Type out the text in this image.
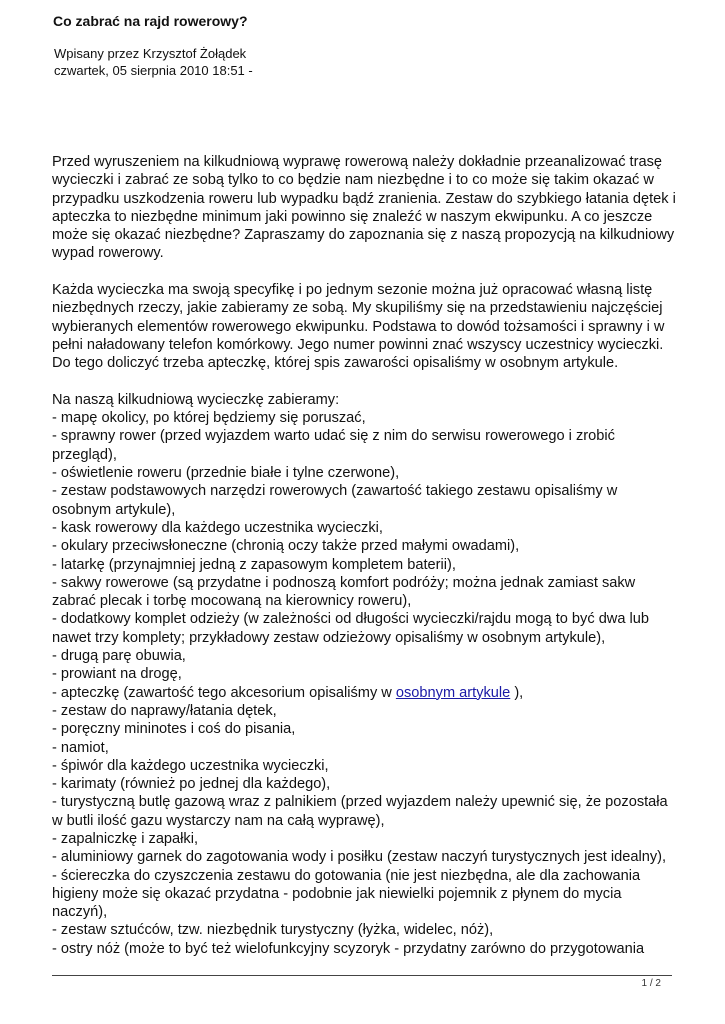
Co zabrać na rajd rowerowy?
Wpisany przez Krzysztof Żołądek
czwartek, 05 sierpnia 2010 18:51 -

Przed wyruszeniem na kilkudniową wyprawę rowerową należy dokładnie przeanalizować trasę wycieczki i zabrać ze sobą tylko to co będzie nam niezbędne i to co może się takim okazać w przypadku uszkodzenia roweru lub wypadku bądź zranienia. Zestaw do szybkiego łatania dętek i apteczka to niezbędne minimum jaki powinno się znaleźć w naszym ekwipunku. A co jeszcze może się okazać niezbędne? Zapraszamy do zapoznania się z naszą propozycją na kilkudniowy wypad rowerowy.

Każda wycieczka ma swoją specyfikę i po jednym sezonie można już opracować własną listę niezbędnych rzeczy, jakie zabieramy ze sobą. My skupiliśmy się na przedstawieniu najczęściej wybieranych elementów rowerowego ekwipunku. Podstawa to dowód tożsamości i sprawny i w pełni naładowany telefon komórkowy. Jego numer powinni znać wszyscy uczestnicy wycieczki. Do tego doliczyć trzeba apteczkę, której spis zawarości opisaliśmy w osobnym artykule.

Na naszą kilkudniową wycieczkę zabieramy:

- mapę okolicy, po której będziemy się poruszać,

- sprawny rower (przed wyjazdem warto udać się z nim do serwisu rowerowego i zrobić przegląd),

- oświetlenie roweru (przednie białe i tylne czerwone),

- zestaw podstawowych narzędzi rowerowych (zawartość takiego zestawu opisaliśmy w osobnym artykule),

- kask rowerowy dla każdego uczestnika wycieczki,

- okulary przeciwsłoneczne (chronią oczy także przed małymi owadami),

- latarkę (przynajmniej jedną z zapasowym kompletem baterii),

- sakwy rowerowe (są przydatne i podnoszą komfort podróży; można jednak zamiast sakw zabrać plecak i torbę mocowaną na kierownicy roweru),

- dodatkowy komplet odzieży (w zależności od długości wycieczki/rajdu mogą to być dwa lub nawet trzy komplety; przykładowy zestaw odzieżowy opisaliśmy w osobnym artykule),

- drugą parę obuwia,

- prowiant na drogę,

- apteczkę (zawartość tego akcesorium opisaliśmy w osobnym artykule ),

- zestaw do naprawy/łatania dętek,

- poręczny mininotes i coś do pisania,

- namiot,

- śpiwór dla każdego uczestnika wycieczki,

- karimaty (również po jednej dla każdego),

- turystyczną butlę gazową wraz z palnikiem (przed wyjazdem należy upewnić się, że pozostała w butli ilość gazu wystarczy nam na całą wyprawę),

- zapalniczkę i zapałki,

- aluminiowy garnek do zagotowania wody i posiłku (zestaw naczyń turystycznych jest idealny),

- ściereczka do czyszczenia zestawu do gotowania (nie jest niezbędna, ale dla zachowania higieny może się okazać przydatna - podobnie jak niewielki pojemnik z płynem do mycia naczyń),

- zestaw sztućców, tzw. niezbędnik turystyczny (łyżka, widelec, nóż),

- ostry nóż (może to być też wielofunkcyjny scyzoryk - przydatny zarówno do przygotowania

1 / 2
